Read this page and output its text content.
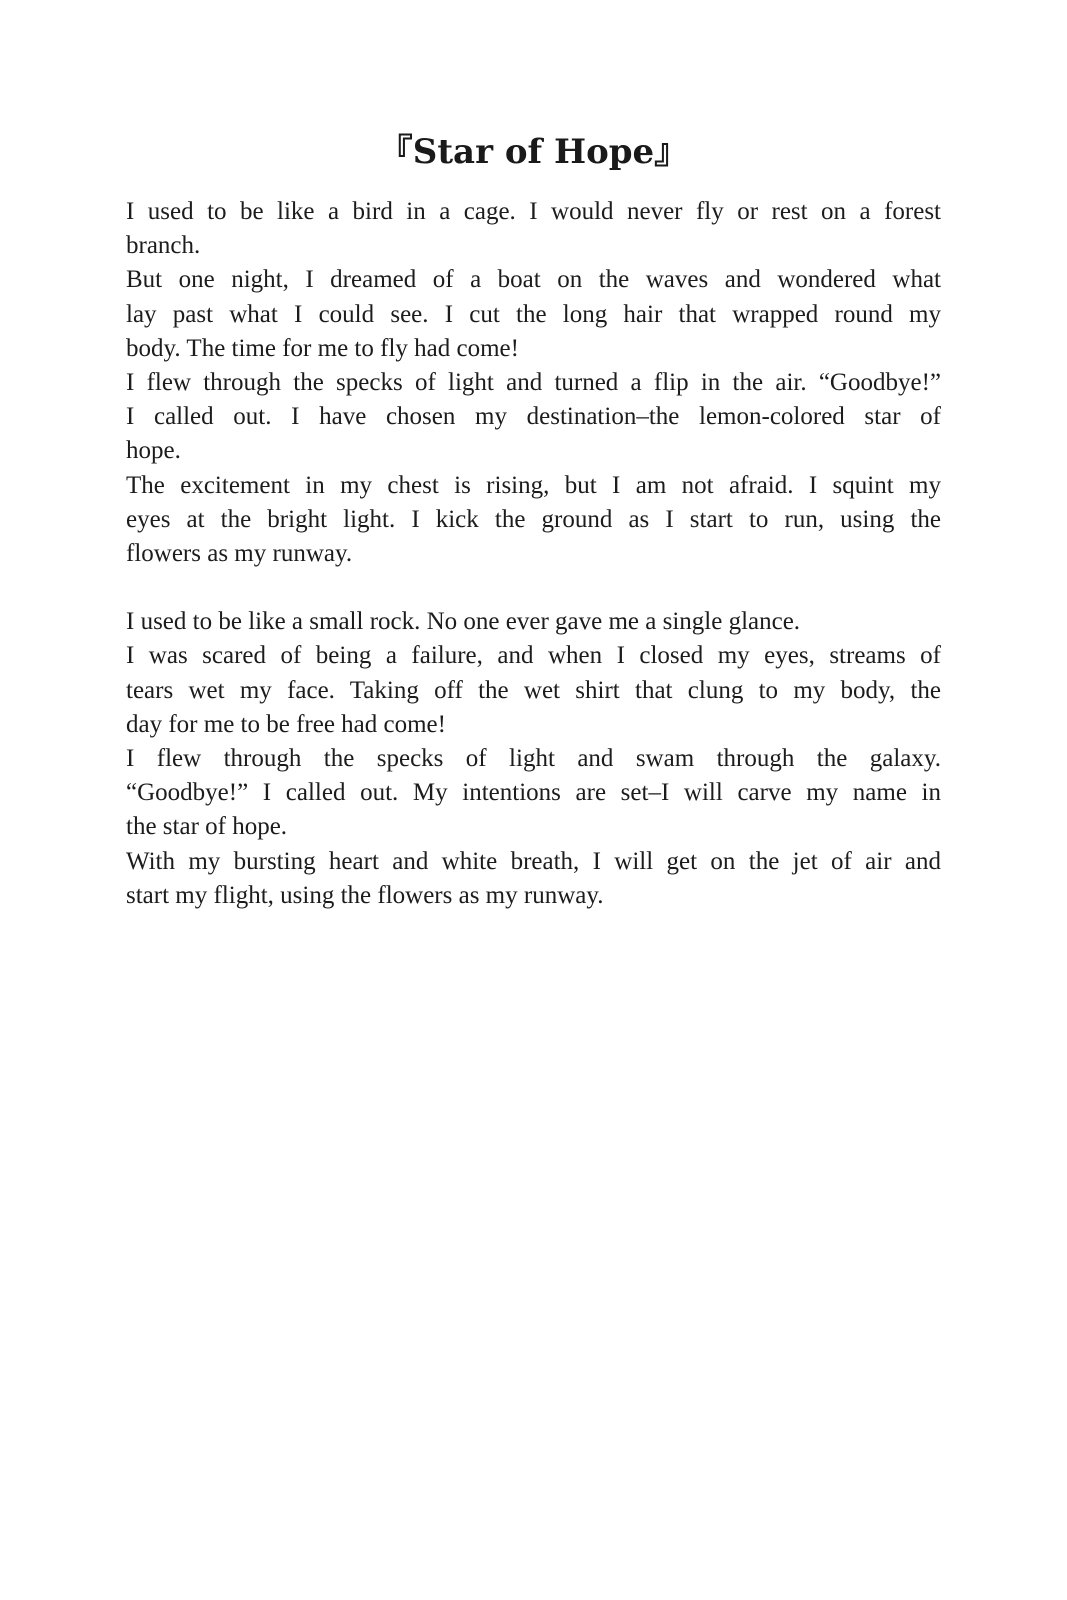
『Star of Hope』
I used to be like a bird in a cage. I would never fly or rest on a forest
branch.
But one night, I dreamed of a boat on the waves and wondered what
lay past what I could see. I cut the long hair that wrapped round my
body. The time for me to fly had come!
I flew through the specks of light and turned a flip in the air. “Goodbye!”
I called out. I have chosen my destination–the lemon-colored star of
hope.
The excitement in my chest is rising, but I am not afraid. I squint my
eyes at the bright light. I kick the ground as I start to run, using the
flowers as my runway.
I used to be like a small rock. No one ever gave me a single glance.
I was scared of being a failure, and when I closed my eyes, streams of
tears wet my face. Taking off the wet shirt that clung to my body, the
day for me to be free had come!
I flew through the specks of light and swam through the galaxy.
“Goodbye!” I called out. My intentions are set–I will carve my name in
the star of hope.
With my bursting heart and white breath, I will get on the jet of air and
start my flight, using the flowers as my runway.
